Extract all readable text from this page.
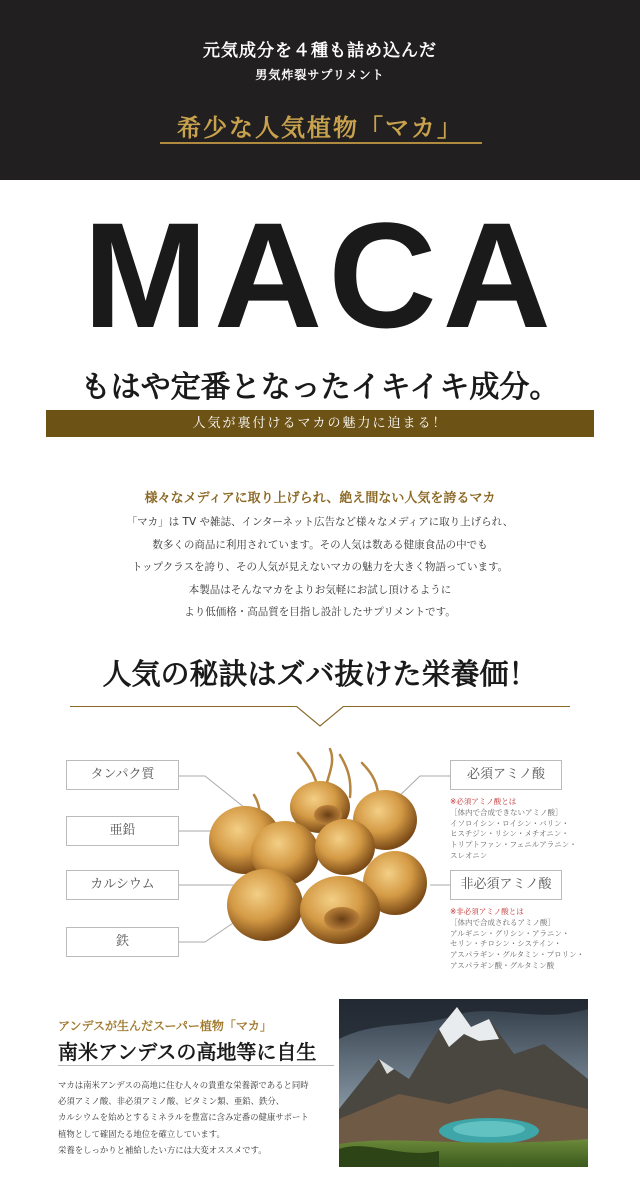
元気成分を４種も詰め込んだ
男気炸裂サプリメント
希少な人気植物「マカ」
MACA
もはや定番となったイキイキ成分。
人気が裏付けるマカの魅力に迫まる！
様々なメディアに取り上げられ、絶え間ない人気を誇るマカ
「マカ」は TV や雑誌、インターネット広告など様々なメディアに取り上げられ、
数多くの商品に利用されています。その人気は数ある健康食品の中でも
トップクラスを誇り、その人気が見えないマカの魅力を大きく物語っています。
本製品はそんなマカをよりお気軽にお試し頂けるように
より低価格・高品質を目指し設計したサプリメントです。
人気の秘訣はズバ抜けた栄養価！
タンパク質
亜鉛
カルシウム
鉄
必須アミノ酸
※必須アミノ酸とは
［体内で合成できないアミノ酸］
イソロイシン・ロイシン・バリン・
ヒスチジン・リシン・メチオニン・
トリプトファン・フェニルアラニン・
スレオニン
非必須アミノ酸
※非必須アミノ酸とは
［体内で合成されるアミノ酸］
アルギニン・グリシン・アラニン・
セリン・チロシン・システイン・
アスパラギン・グルタミン・プロリン・
アスパラギン酸・グルタミン酸
アンデスが生んだスーパー植物「マカ」
南米アンデスの高地等に自生
マカは南米アンデスの高地に住む人々の貴重な栄養源であると同時
必須アミノ酸、非必須アミノ酸、ビタミン類、亜鉛、鉄分、
カルシウムを始めとするミネラルを豊富に含み定番の健康サポート
植物として確固たる地位を確立しています。
栄養をしっかりと補給したい方には大変オススメです。
